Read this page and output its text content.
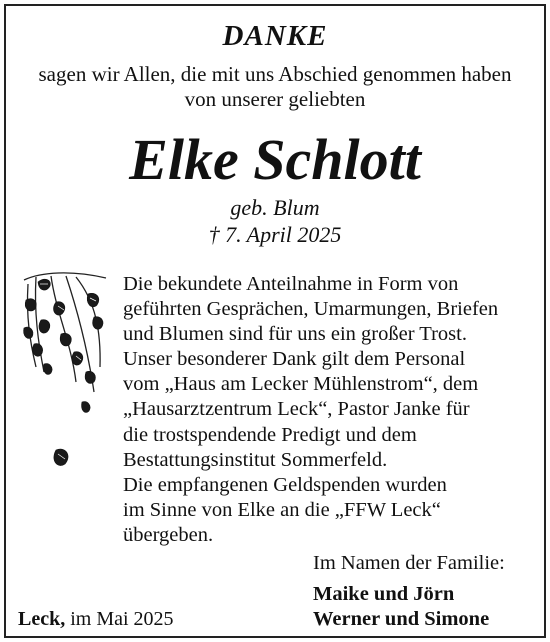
DANKE
sagen wir Allen, die mit uns Abschied genommen haben
von unserer geliebten
Elke Schlott
geb. Blum
† 7. April 2025
Die bekundete Anteilnahme in Form von
geführten Gesprächen, Umarmungen, Briefen
und Blumen sind für uns ein großer Trost.
Unser besonderer Dank gilt dem Personal
vom „Haus am Lecker Mühlenstrom“, dem
„Hausarztzentrum Leck“, Pastor Janke für
die trostspendende Predigt und dem
Bestattungsinstitut Sommerfeld.
Die empfangenen Geldspenden wurden
im Sinne von Elke an die „FFW Leck“
übergeben.
Im Namen der Familie:
Maike und Jörn
Werner und Simone
Leck, im Mai 2025
